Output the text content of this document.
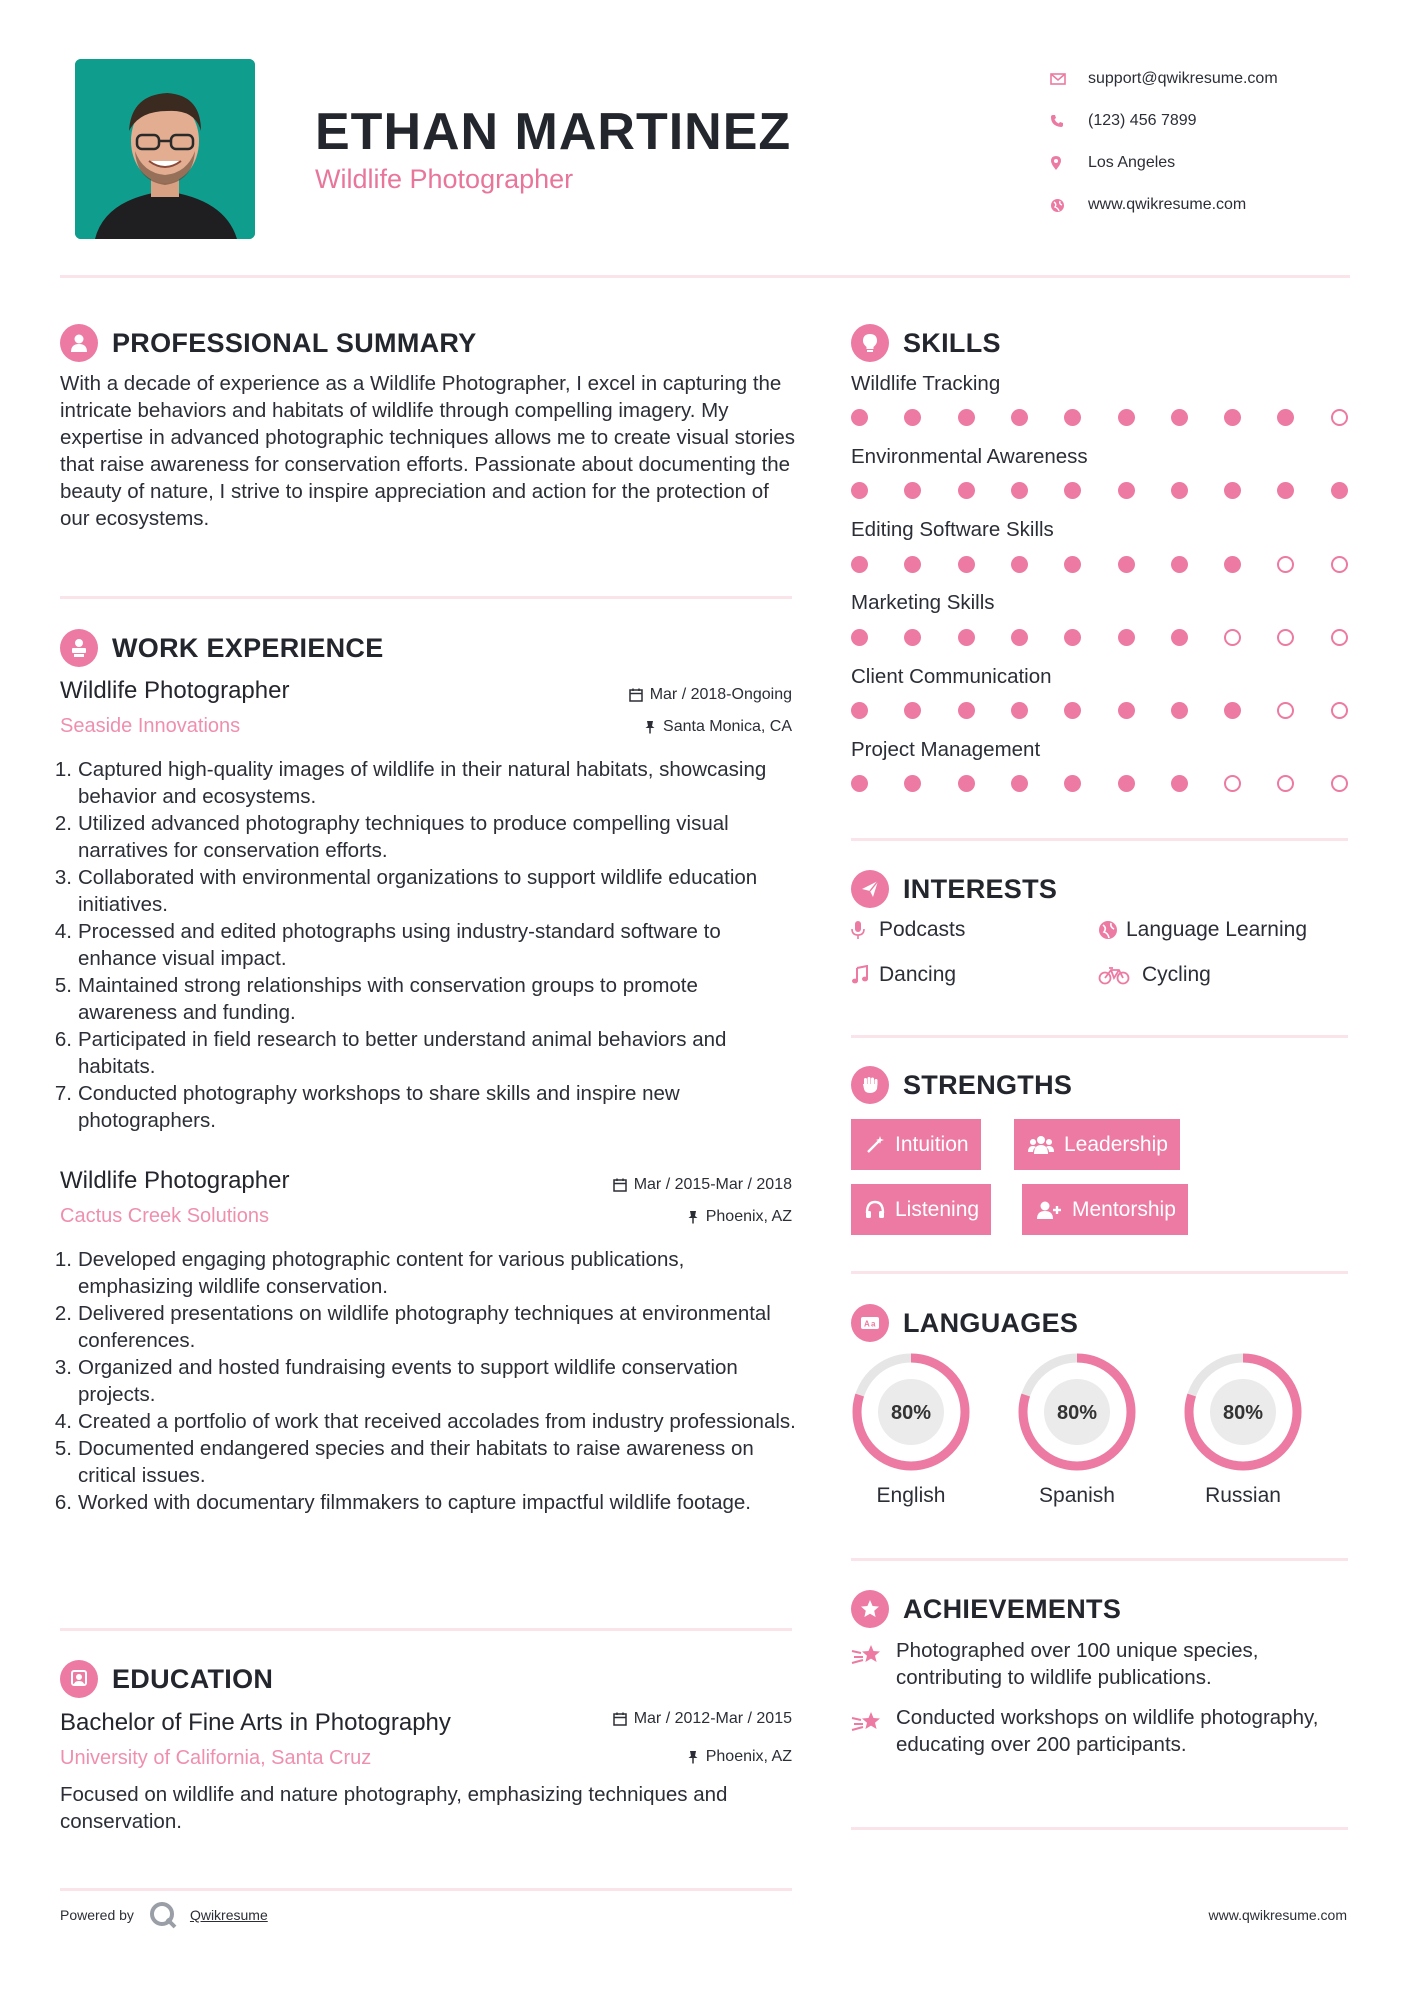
ETHAN MARTINEZ
Wildlife Photographer
support@qwikresume.com
(123) 456 7899
Los Angeles
www.qwikresume.com
PROFESSIONAL SUMMARY
With a decade of experience as a Wildlife Photographer, I excel in capturing the intricate behaviors and habitats of wildlife through compelling imagery. My expertise in advanced photographic techniques allows me to create visual stories that raise awareness for conservation efforts. Passionate about documenting the beauty of nature, I strive to inspire appreciation and action for the protection of our ecosystems.
WORK EXPERIENCE
Wildlife Photographer
Seaside Innovations
Mar / 2018-Ongoing
Santa Monica, CA
1. Captured high-quality images of wildlife in their natural habitats, showcasing behavior and ecosystems.
2. Utilized advanced photography techniques to produce compelling visual narratives for conservation efforts.
3. Collaborated with environmental organizations to support wildlife education initiatives.
4. Processed and edited photographs using industry-standard software to enhance visual impact.
5. Maintained strong relationships with conservation groups to promote awareness and funding.
6. Participated in field research to better understand animal behaviors and habitats.
7. Conducted photography workshops to share skills and inspire new photographers.
Wildlife Photographer
Cactus Creek Solutions
Mar / 2015-Mar / 2018
Phoenix, AZ
1. Developed engaging photographic content for various publications, emphasizing wildlife conservation.
2. Delivered presentations on wildlife photography techniques at environmental conferences.
3. Organized and hosted fundraising events to support wildlife conservation projects.
4. Created a portfolio of work that received accolades from industry professionals.
5. Documented endangered species and their habitats to raise awareness on critical issues.
6. Worked with documentary filmmakers to capture impactful wildlife footage.
EDUCATION
Bachelor of Fine Arts in Photography
University of California, Santa Cruz
Mar / 2012-Mar / 2015
Phoenix, AZ
Focused on wildlife and nature photography, emphasizing techniques and conservation.
SKILLS
Wildlife Tracking
Environmental Awareness
Editing Software Skills
Marketing Skills
Client Communication
Project Management
INTERESTS
Podcasts	Language Learning
Dancing	Cycling
STRENGTHS
Intuition	Leadership
Listening	Mentorship
A a LANGUAGES
80%
English
80%
Spanish
80%
Russian
ACHIEVEMENTS
Photographed over 100 unique species, contributing to wildlife publications.
Conducted workshops on wildlife photography, educating over 200 participants.
Powered by	Qwikresume	www.qwikresume.com
